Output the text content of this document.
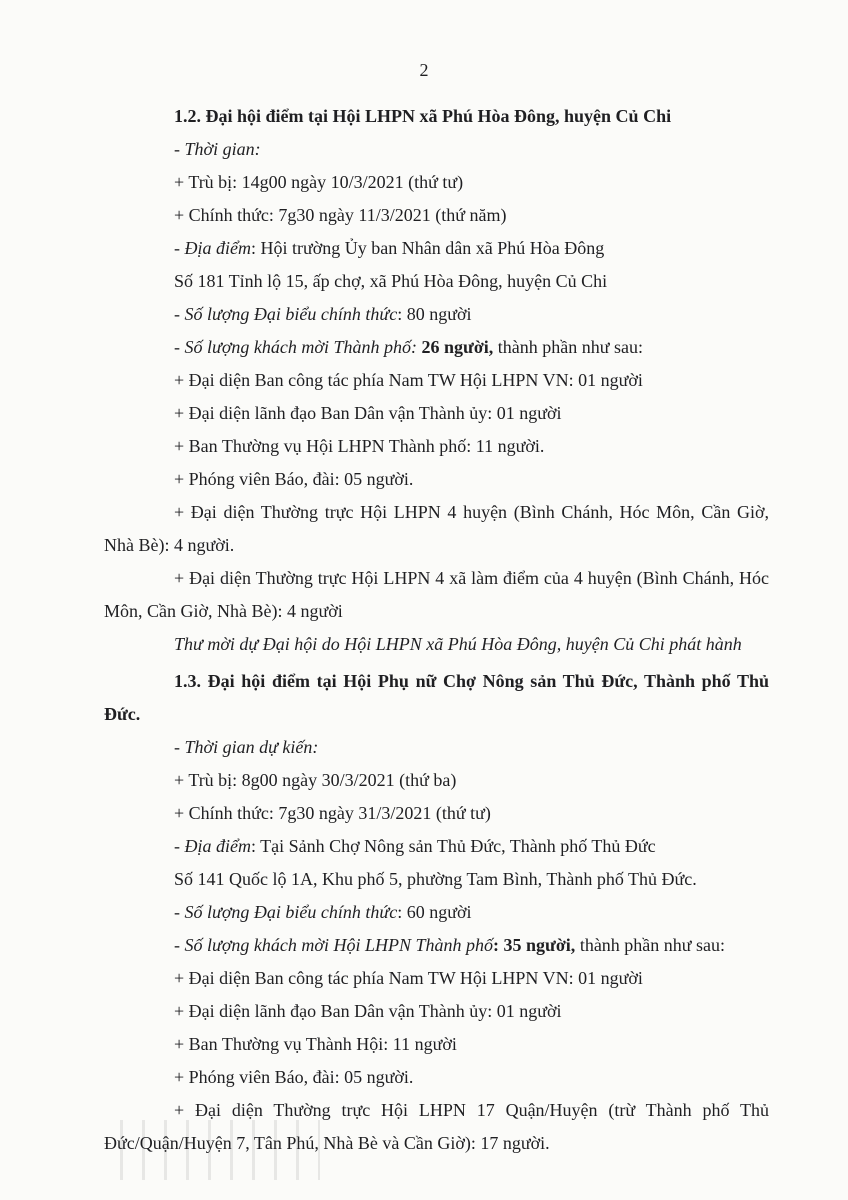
2

1.2. Đại hội điểm tại Hội LHPN xã Phú Hòa Đông, huyện Củ Chi

- Thời gian:

+ Trù bị: 14g00 ngày 10/3/2021 (thứ tư)

+ Chính thức: 7g30 ngày 11/3/2021 (thứ năm)

- Địa điểm: Hội trường Ủy ban Nhân dân xã Phú Hòa Đông

Số 181 Tỉnh lộ 15, ấp chợ, xã Phú Hòa Đông, huyện Củ Chi

- Số lượng Đại biểu chính thức: 80 người

- Số lượng khách mời Thành phố: 26 người, thành phần như sau:

+ Đại diện Ban công tác phía Nam TW Hội LHPN VN: 01 người

+ Đại diện lãnh đạo Ban Dân vận Thành ủy: 01 người

+ Ban Thường vụ Hội LHPN Thành phố: 11 người.

+ Phóng viên Báo, đài: 05 người.

+ Đại diện Thường trực Hội LHPN 4 huyện (Bình Chánh, Hóc Môn, Cần Giờ, Nhà Bè): 4 người.

+ Đại diện Thường trực Hội LHPN 4 xã làm điểm của 4 huyện (Bình Chánh, Hóc Môn, Cần Giờ, Nhà Bè): 4 người

Thư mời dự Đại hội do Hội LHPN xã Phú Hòa Đông, huyện Củ Chi phát hành

1.3. Đại hội điểm tại Hội Phụ nữ Chợ Nông sản Thủ Đức, Thành phố Thủ Đức.

- Thời gian dự kiến:

+ Trù bị: 8g00 ngày 30/3/2021 (thứ ba)

+ Chính thức: 7g30 ngày 31/3/2021 (thứ tư)

- Địa điểm: Tại Sảnh Chợ Nông sản Thủ Đức, Thành phố Thủ Đức

Số 141 Quốc lộ 1A, Khu phố 5, phường Tam Bình, Thành phố Thủ Đức.

- Số lượng Đại biểu chính thức: 60 người

- Số lượng khách mời Hội LHPN Thành phố: 35 người, thành phần như sau:

+ Đại diện Ban công tác phía Nam TW Hội LHPN VN: 01 người

+ Đại diện lãnh đạo Ban Dân vận Thành ủy: 01 người

+ Ban Thường vụ Thành Hội: 11 người

+ Phóng viên Báo, đài: 05 người.

+ Đại diện Thường trực Hội LHPN 17 Quận/Huyện (trừ Thành phố Thủ Đức/Quận/Huyện 7, Tân Phú, Nhà Bè và Cần Giờ): 17 người.
